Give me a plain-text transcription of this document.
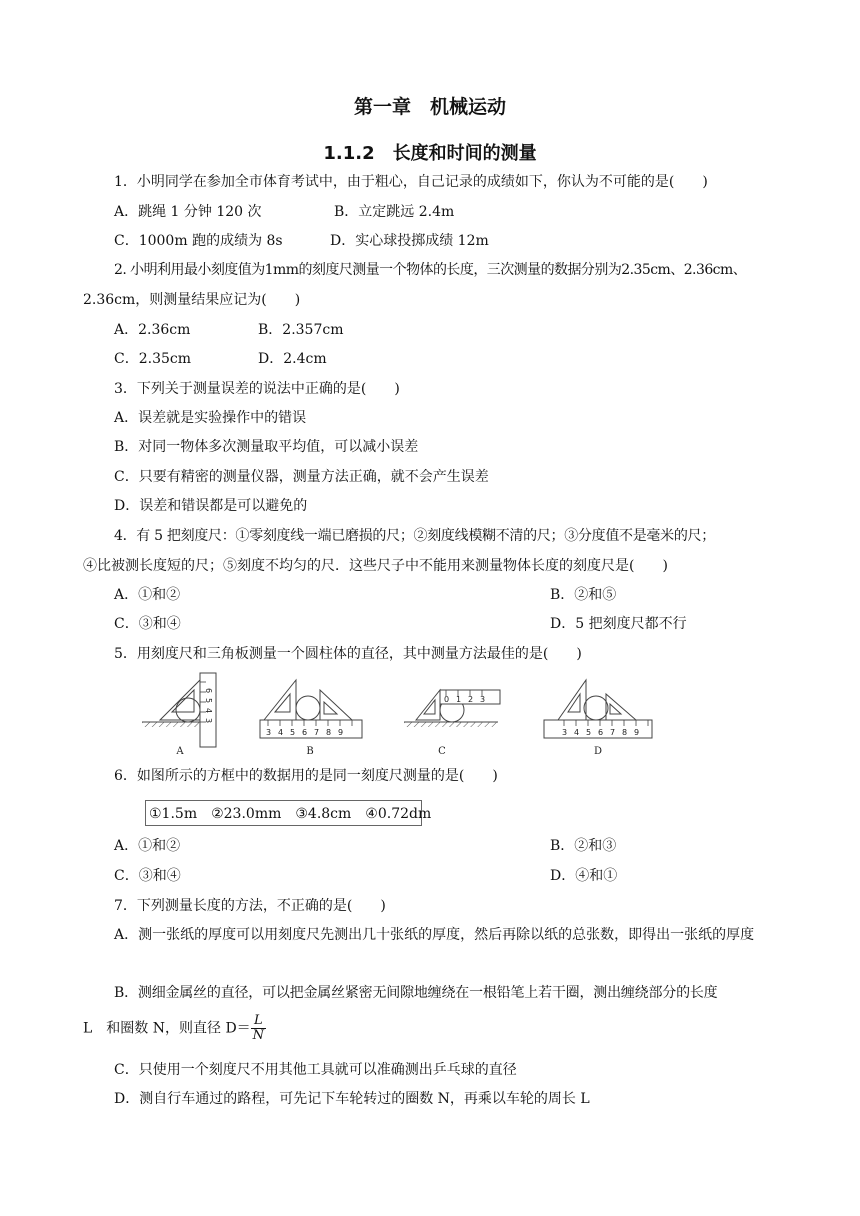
第一章　机械运动
1.1.2　长度和时间的测量
1．小明同学在参加全市体育考试中，由于粗心，自己记录的成绩如下，你认为不可能的是(　　)
A．跳绳 1 分钟 120 次	B．立定跳远 2.4m
C．1000m 跑的成绩为 8s	D．实心球投掷成绩 12m
2. 小明利用最小刻度值为1mm的刻度尺测量一个物体的长度，三次测量的数据分别为2.35cm、2.36cm、
2.36cm，则测量结果应记为(　　)
A．2.36cm	B．2.357cm
C．2.35cm	D．2.4cm
3．下列关于测量误差的说法中正确的是(　　)
A．误差就是实验操作中的错误
B．对同一物体多次测量取平均值，可以减小误差
C．只要有精密的测量仪器，测量方法正确，就不会产生误差
D．误差和错误都是可以避免的
4．有 5 把刻度尺：①零刻度线一端已磨损的尺；②刻度线模糊不清的尺；③分度值不是毫米的尺；
④比被测长度短的尺；⑤刻度不均匀的尺．这些尺子中不能用来测量物体长度的刻度尺是(　　)
A．①和②	B．②和⑤
C．③和④	D．5 把刻度尺都不行
5．用刻度尺和三角板测量一个圆柱体的直径，其中测量方法最佳的是(　　)
6
5
4
3
3 4 5 6 7 8 9
0 1 2 3
3 4 5 6 7 8 9
A	B	C	D
6．如图所示的方框中的数据用的是同一刻度尺测量的是(　　)
①1.5m　②23.0mm　③4.8cm　④0.72dm
A．①和②	B．②和③
C．③和④	D．④和①
7．下列测量长度的方法，不正确的是(　　)
A．测一张纸的厚度可以用刻度尺先测出几十张纸的厚度，然后再除以纸的总张数，即得出一张纸的厚度
B．测细金属丝的直径，可以把金属丝紧密无间隙地缠绕在一根铅笔上若干圈，测出缠绕部分的长度
L　和圈数 N，则直径 $D= \frac{L}{N}$
C．只使用一个刻度尺不用其他工具就可以准确测出乒乓球的直径
D．测自行车通过的路程，可先记下车轮转过的圈数 N，再乘以车轮的周长 L
